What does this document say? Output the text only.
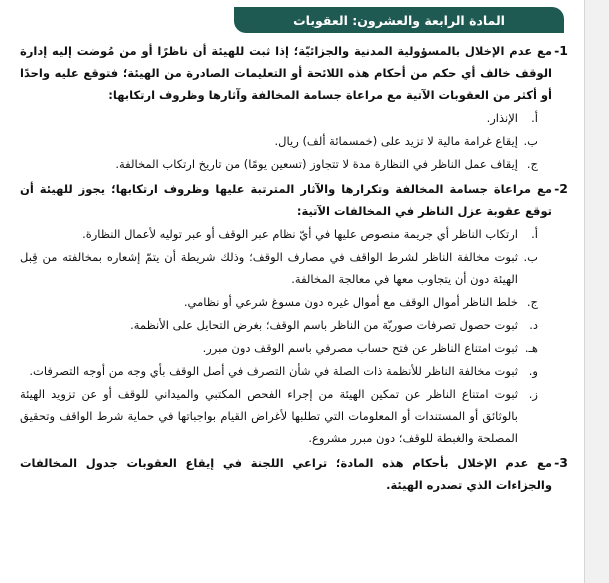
المادة الرابعة والعشرون: العقوبات
1-
مع عدم الإخلال بالمسؤولية المدنية والجزائيّة؛ إذا ثبت للهيئة أن ناظرًا أو من مُوضت إليه إدارة الوقف خالف أي حكم من أحكام هذه اللائحة أو التعليمات الصادرة من الهيئة؛ فتوقع عليه واحدًا أو أكثر من العقوبات الآتية مع مراعاة جسامة المخالفة وآثارها وظروف ارتكابها:
أ.
الإنذار.
ب.
إيقاع غرامة مالية لا تزيد على (خمسمائة ألف) ريال.
ج.
إيقاف عمل الناظر في النظارة مدة لا تتجاوز (تسعين يومًا) من تاريخ ارتكاب المخالفة.
2-
مع مراعاة جسامة المخالفة وتكرارها والآثار المترتبة عليها وظروف ارتكابها؛ يجوز للهيئة أن توقع عقوبة عزل الناظر في المخالفات الآتية:
أ.
ارتكاب الناظر أي جريمة منصوص عليها في أيّ نظام عبر الوقف أو عبر توليه لأعمال النظارة.
ب.
ثبوت مخالفة الناظر لشرط الواقف في مصارف الوقف؛ وذلك شريطة أن يتمّ إشعاره بمخالفته من قِبل الهيئة دون أن يتجاوب معها في معالجة المخالفة.
ج.
خلط الناظر أموال الوقف مع أموال غيره دون مسوغ شرعي أو نظامي.
د.
ثبوت حصول تصرفات صوريّة من الناظر باسم الوقف؛ بغرض التحايل على الأنظمة.
هـ.
ثبوت امتناع الناظر عن فتح حساب مصرفي باسم الوقف دون مبرر.
و.
ثبوت مخالفة الناظر للأنظمة ذات الصلة في شأن التصرف في أصل الوقف بأي وجه من أوجه التصرفات.
ز.
ثبوت امتناع الناظر عن تمكين الهيئة من إجراء الفحص المكتبي والميداني للوقف أو عن تزويد الهيئة بالوثائق أو المستندات أو المعلومات التي تطلبها لأغراض القيام بواجباتها في حماية شرط الواقف وتحقيق المصلحة والغبطة للوقف؛ دون مبرر مشروع.
3-
مع عدم الإخلال بأحكام هذه المادة؛ تراعي اللجنة في إيقاع العقوبات جدول المخالفات والجزاءات الذي تصدره الهيئة.
